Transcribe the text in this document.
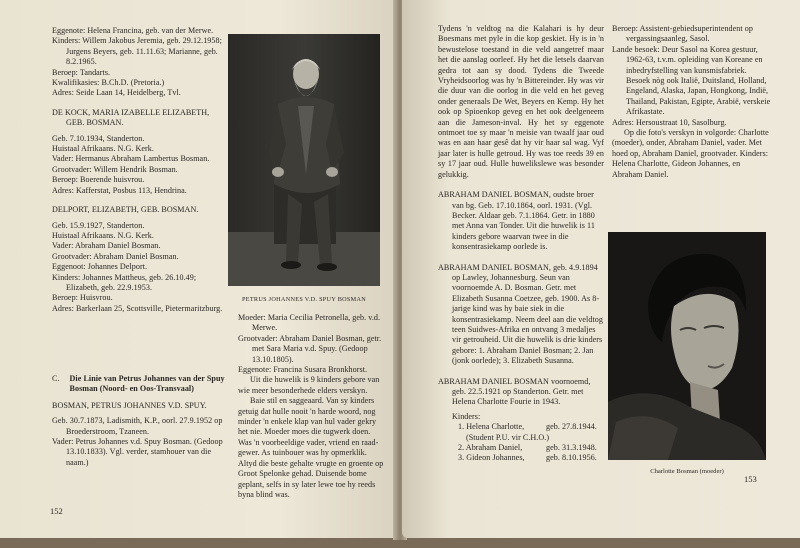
Eggenote: Helena Francina, geb. van der Merwe.

Kinders: Willem Jakobus Jeremia, geb. 29.12.1958; Jurgens Beyers, geb. 11.11.63; Marianne, geb. 8.2.1965.

Beroep: Tandarts.

Kwalifikasies: B.Ch.D. (Pretoria.)

Adres: Seide Laan 14, Heidelberg, Tvl.

DE KOCK, MARIA IZABELLE ELIZABETH, GEB. BOSMAN.

Geb. 7.10.1934, Standerton.

Huistaal Afrikaans. N.G. Kerk.

Vader: Hermanus Abraham Lambertus Bosman.

Grootvader: Willem Hendrik Bosman.

Beroep: Boerende huisvrou.

Adres: Kafferstat, Posbus 113, Hendrina.

DELPORT, ELIZABETH, GEB. BOSMAN.

Geb. 15.9.1927, Standerton.

Huistaal Afrikaans. N.G. Kerk.

Vader: Abraham Daniel Bosman.

Grootvader: Abraham Daniel Bosman.

Eggenoot: Johannes Delport.

Kinders: Johannes Mattheus, geb. 26.10.49; Elizabeth, geb. 22.9.1953.

Beroep: Huisvrou.

Adres: Barkerlaan 25, Scottsville, Pietermaritzburg.

C. Die Linie van Petrus Johannes van der Spuy Bosman (Noord- en Oos-Transvaal)

BOSMAN, PETRUS JOHANNES V.D. SPUY.

Geb. 30.7.1873, Ladismith, K.P., oorl. 27.9.1952 op Broederstroom, Tzaneen.

Vader: Petrus Johannes v.d. Spuy Bosman. (Gedoop 13.10.1833). Vgl. verder, stamhouer van die naam.)

152
PETRUS JOHANNES V.D. SPUY BOSMAN

Moeder: Maria Cecilia Petronella, geb. v.d. Merwe.

Grootvader: Abraham Daniel Bosman, getr. met Sara Maria v.d. Spuy. (Gedoop 13.10.1805).

Eggenote: Francina Susara Bronkhorst.

Uit die huwelik is 9 kinders gebore van wie meer besonderhede elders verskyn.

Baie stil en saggeaard. Van sy kinders getuig dat hulle nooit 'n harde woord, nog minder 'n enkele klap van hul vader gekry het nie. Moeder moes die tugwerk doen. Was 'n voorbeeldige vader, vriend en raadgewer. As tuinbouer was hy opmerklik.

Altyd die beste gehalte vrugte en groente op Groot Spelonke gehad. Duisende bome geplant, selfs in sy later lewe toe hy reeds byna blind was.

Tydens 'n veldtog na die Kalahari is hy deur Boesmans met pyle in die kop geskiet. Hy is in 'n bewustelose toestand in die veld aangetref maar het die aanslag oorleef. Hy het die letsels daarvan gedra tot aan sy dood. Tydens die Tweede Vryheidsoorlog was hy 'n Bittereinder. Hy was vir die duur van die oorlog in die veld en het geveg onder generaals De Wet, Beyers en Kemp. Hy het ook op Spioenkop geveg en het ook deelgeneem aan die Jameson-inval. Hy het sy eggenote ontmoet toe sy maar 'n meisie van twaalf jaar oud was en aan haar gesê dat hy vir haar sal wag. Vyf jaar later is hulle getroud. Hy was toe reeds 39 en sy 17 jaar oud. Hulle huwelikslewe was besonder gelukkig.

ABRAHAM DANIEL BOSMAN, oudste broer van bg. Geb. 17.10.1864, oorl. 1931. (Vgl. Becker. Aldaar geb. 7.1.1864. Getr. in 1880 met Anna van Tonder. Uit die huwelik is 11 kinders gebore waarvan twee in die konsentrasiekamp oorlede is.

ABRAHAM DANIEL BOSMAN, geb. 4.9.1894 op Lawley, Johannesburg. Seun van voornoemde A. D. Bosman. Getr. met Elizabeth Susanna Coetzee, geb. 1900. As 8-jarige kind was hy baie siek in die konsentrasiekamp. Neem deel aan die veldtog teen Suidwes-Afrika en ontvang 3 medaljes vir getrouheid. Uit die huwelik is drie kinders gebore: 1. Abraham Daniel Bosman; 2. Jan (jonk oorlede); 3. Elizabeth Susanna.

ABRAHAM DANIEL BOSMAN voornoemd, geb. 22.5.1921 op Standerton. Getr. met Helena Charlotte Fourie in 1943.

Kinders:

1. Helena Charlotte,	geb. 27.8.1944.
(Student P.U. vir C.H.O.)
2. Abraham Daniel,	geb. 31.3.1948.
3. Gideon Johannes,	geb. 8.10.1956.

Beroep: Assistent-gebiedsuperintendent op vergassingsaanleg, Sasol.

Lande besoek: Deur Sasol na Korea gestuur, 1962-63, t.v.m. opleiding van Koreane en inbedryfstelling van kunsmisfabriek. Besoek nòg ook Italië, Duitsland, Holland, Engeland, Alaska, Japan, Hongkong, Indië, Thailand, Pakistan, Egipte, Arabië, verskeie Afrikastate.

Adres: Hersoustraat 10, Sasolburg.

Op die foto's verskyn in volgorde: Charlotte (moeder), onder, Abraham Daniel, vader. Met hoed op, Abraham Daniel, grootvader. Kinders: Helena Charlotte, Gideon Johannes, en Abraham Daniel.

Charlotte Bosman (moeder)
153
